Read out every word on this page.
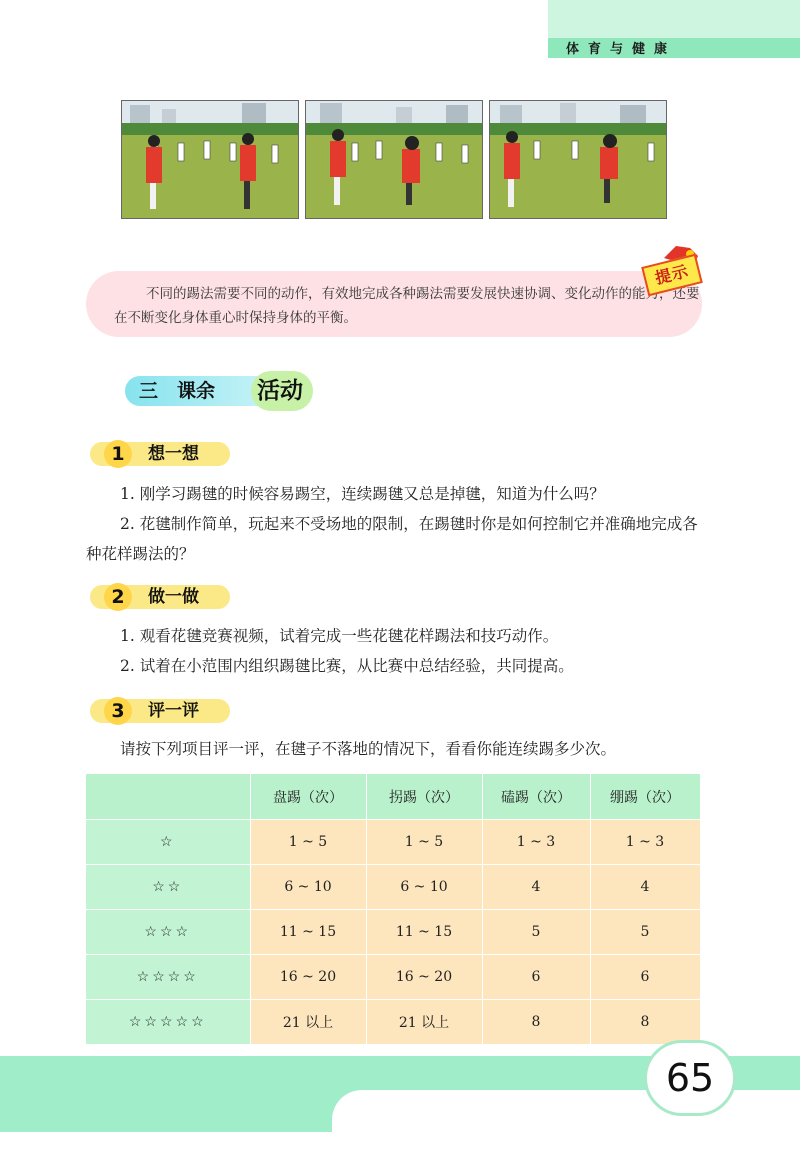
体育与健康
不同的踢法需要不同的动作，有效地完成各种踢法需要发展快速协调、变化动作的能力，还要在不断变化身体重心时保持身体的平衡。
提示
三　课余 活动
1	想一想

1. 刚学习踢毽的时候容易踢空，连续踢毽又总是掉毽，知道为什么吗？

2. 花毽制作简单，玩起来不受场地的限制，在踢毽时你是如何控制它并准确地完成各种花样踢法的？

2	做一做

1. 观看花毽竞赛视频，试着完成一些花毽花样踢法和技巧动作。

2. 试着在小范围内组织踢毽比赛，从比赛中总结经验，共同提高。

3	评一评

请按下列项目评一评，在毽子不落地的情况下，看看你能连续踢多少次。

	盘踢（次）	拐踢（次）	磕踢（次）	绷踢（次）
☆	1 ~ 5	1 ~ 5	1 ~ 3	1 ~ 3
☆☆	6 ~ 10	6 ~ 10	4	4
☆☆☆	11 ~ 15	11 ~ 15	5	5
☆☆☆☆	16 ~ 20	16 ~ 20	6	6
☆☆☆☆☆	21 以上	21 以上	8	8
65
